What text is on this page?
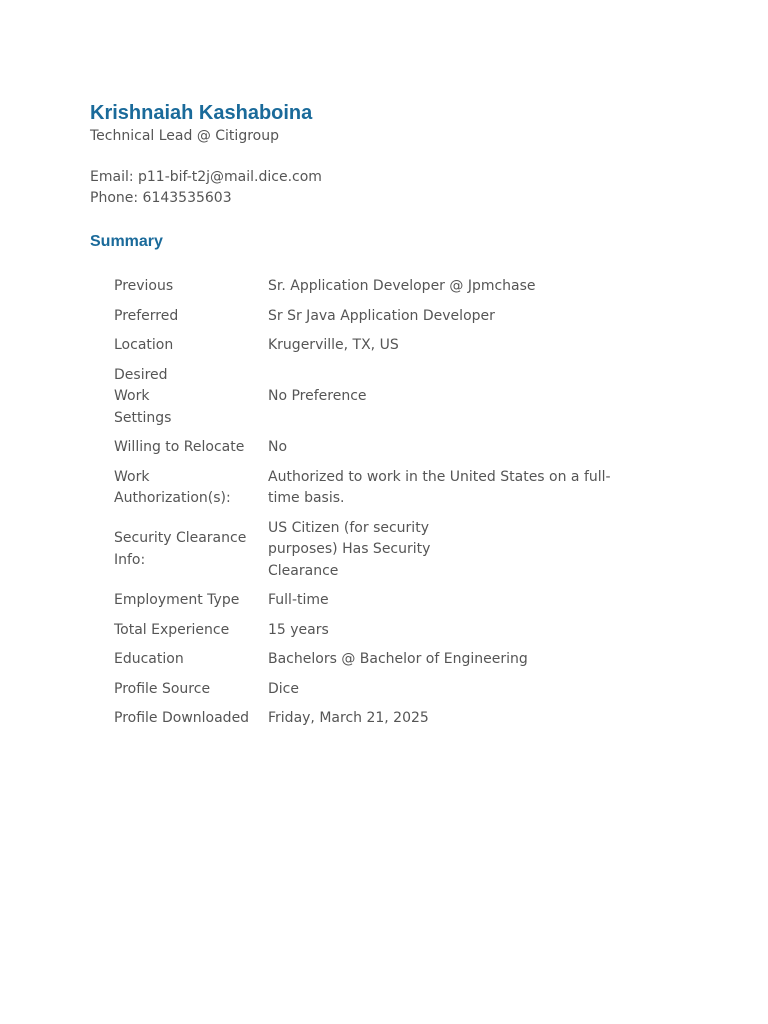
Krishnaiah Kashaboina

Technical Lead @ Citigroup

Email: p11-bif-t2j@mail.dice.com
Phone: 6143535603
Summary
Previous	Sr. Application Developer @ Jpmchase
Preferred	Sr Sr Java Application Developer
Location	Krugerville, TX, US
Desired Work Settings	No Preference
Willing to Relocate	No
Work Authorization(s):	Authorized to work in the United States on a full-time basis.
Security Clearance Info:	US Citizen (for security purposes) Has Security Clearance
Employment Type	Full-time
Total Experience	15 years
Education	Bachelors @ Bachelor of Engineering
Profile Source	Dice
Profile Downloaded	Friday, March 21, 2025
